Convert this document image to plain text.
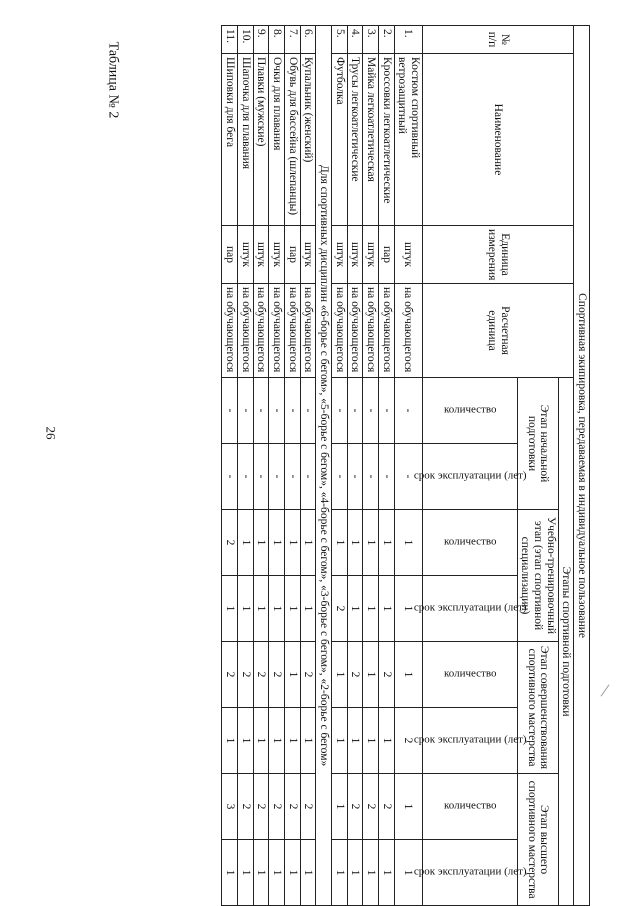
26
Таблица № 2
Спортивная экипировка, передаваемая в индивидуальное пользование											
№ п/п	Наименование	Единица измерения	Расчетная единица	Этапы спортивной подготовки							
				Этап начальной подготовки		Учебно-тренировочный этап (этап спортивной специализации)		Этап совершенствования спортивного мастерства		Этап высшего спортивного мастерства	

				количество	срок эксплуатации (лет)	количество	срок эксплуатации (лет)	количество	срок эксплуатации (лет)	количество	срок эксплуатации (лет)

1.	Костюм спортивный ветрозащитный	штук	на обучающегося	-	-	1	1	1	2	1	1
2.	Кроссовки легкоатлетические	пар	на обучающегося	-	-	1	1	2	1	2	1
3.	Майка легкоатлетическая	штук	на обучающегося	-	-	1	1	1	1	2	1
4.	Трусы легкоатлетические	штук	на обучающегося	-	-	1	1	2	1	2	1
5.	Футболка	штук	на обучающегося	-	-	1	2	1	1	1	1
Для спортивных дисциплин «6-борье с бегом», «5-борье с бегом», «4-борье с бегом», «3-борье с бегом», «2-борье с бегом»											
6.	Купальник (женский)	штук	на обучающегося	-	-	1	1	2	1	2	1
7.	Обувь для бассейна (шлепанцы)	пар	на обучающегося	-	-	1	1	1	1	2	1
8.	Очки для плавания	штук	на обучающегося	-	-	1	1	2	1	2	1
9.	Плавки (мужские)	штук	на обучающегося	-	-	1	1	2	1	2	1
10.	Шапочка для плавания	штук	на обучающегося	-	-	1	1	2	1	2	1
11.	Шиповки для бега	пар	на обучающегося	-	-	2	1	2	1	3	1
